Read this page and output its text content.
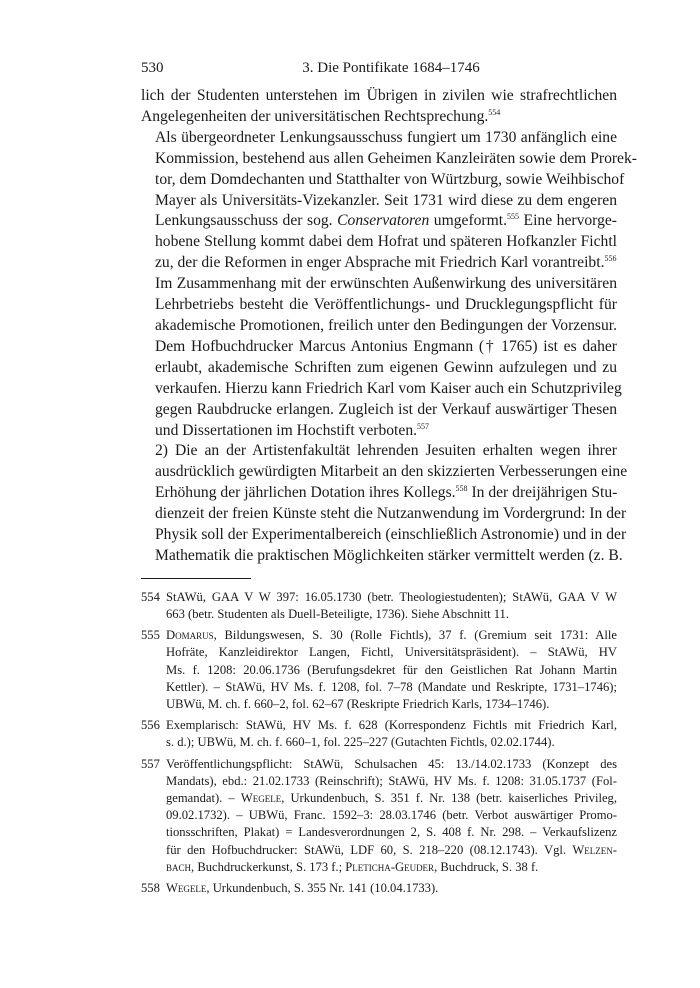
530	3. Die Pontifikate 1684–1746

lich der Studenten unterstehen im Übrigen in zivilen wie strafrechtlichen
Angelegenheiten der universitätischen Rechtsprechung.$^{554}$

Als übergeordneter Lenkungsausschuss fungiert um 1730 anfänglich eine
Kommission, bestehend aus allen Geheimen Kanzleiräten sowie dem Prorek-
tor, dem Domdechanten und Statthalter von Würtzburg, sowie Weihbischof
Mayer als Universitäts-Vizekanzler. Seit 1731 wird diese zu dem engeren
Lenkungsausschuss der sog. Conservatoren umgeformt.$^{555}$ Eine hervorge-
hobene Stellung kommt dabei dem Hofrat und späteren Hofkanzler Fichtl
zu, der die Reformen in enger Absprache mit Friedrich Karl vorantreibt.$^{556}$

Im Zusammenhang mit der erwünschten Außenwirkung des universitären
Lehrbetriebs besteht die Veröffentlichungs- und Drucklegungspflicht für
akademische Promotionen, freilich unter den Bedingungen der Vorzensur.
Dem Hofbuchdrucker Marcus Antonius Engmann († 1765) ist es daher
erlaubt, akademische Schriften zum eigenen Gewinn aufzulegen und zu
verkaufen. Hierzu kann Friedrich Karl vom Kaiser auch ein Schutzprivileg
gegen Raubdrucke erlangen. Zugleich ist der Verkauf auswärtiger Thesen
und Dissertationen im Hochstift verboten.$^{557}$

2) Die an der Artistenfakultät lehrenden Jesuiten erhalten wegen ihrer
ausdrücklich gewürdigten Mitarbeit an den skizzierten Verbesserungen eine
Erhöhung der jährlichen Dotation ihres Kollegs.$^{558}$ In der dreijährigen Stu-
dienzeit der freien Künste steht die Nutzanwendung im Vordergrund: In der
Physik soll der Experimentalbereich (einschließlich Astronomie) und in der
Mathematik die praktischen Möglichkeiten stärker vermittelt werden (z. B.

554 StAWü, GAA V W 397: 16.05.1730 (betr. Theologiestudenten); StAWü, GAA V W
663 (betr. Studenten als Duell-Beteiligte, 1736). Siehe Abschnitt 11.
555 Domarus, Bildungswesen, S. 30 (Rolle Fichtls), 37 f. (Gremium seit 1731: Alle
Hofräte, Kanzleidirektor Langen, Fichtl, Universitätspräsident). – StAWü, HV
Ms. f. 1208: 20.06.1736 (Berufungsdekret für den Geistlichen Rat Johann Martin
Kettler). – StAWü, HV Ms. f. 1208, fol. 7–78 (Mandate und Reskripte, 1731–1746);
UBWü, M. ch. f. 660–2, fol. 62–67 (Reskripte Friedrich Karls, 1734–1746).
556 Exemplarisch: StAWü, HV Ms. f. 628 (Korrespondenz Fichtls mit Friedrich Karl,
s. d.); UBWü, M. ch. f. 660–1, fol. 225–227 (Gutachten Fichtls, 02.02.1744).
557 Veröffentlichungspflicht: StAWü, Schulsachen 45: 13./14.02.1733 (Konzept des
Mandats), ebd.: 21.02.1733 (Reinschrift); StAWü, HV Ms. f. 1208: 31.05.1737 (Fol-
gemandat). – Wegele, Urkundenbuch, S. 351 f. Nr. 138 (betr. kaiserliches Privileg,
09.02.1732). – UBWü, Franc. 1592–3: 28.03.1746 (betr. Verbot auswärtiger Promo-
tionsschriften, Plakat) = Landesverordnungen 2, S. 408 f. Nr. 298. – Verkaufslizenz
für den Hofbuchdrucker: StAWü, LDF 60, S. 218–220 (08.12.1743). Vgl. Welzen-
bach, Buchdruckerkunst, S. 173 f.; Pleticha-Geuder, Buchdruck, S. 38 f.
558 Wegele, Urkundenbuch, S. 355 Nr. 141 (10.04.1733).
